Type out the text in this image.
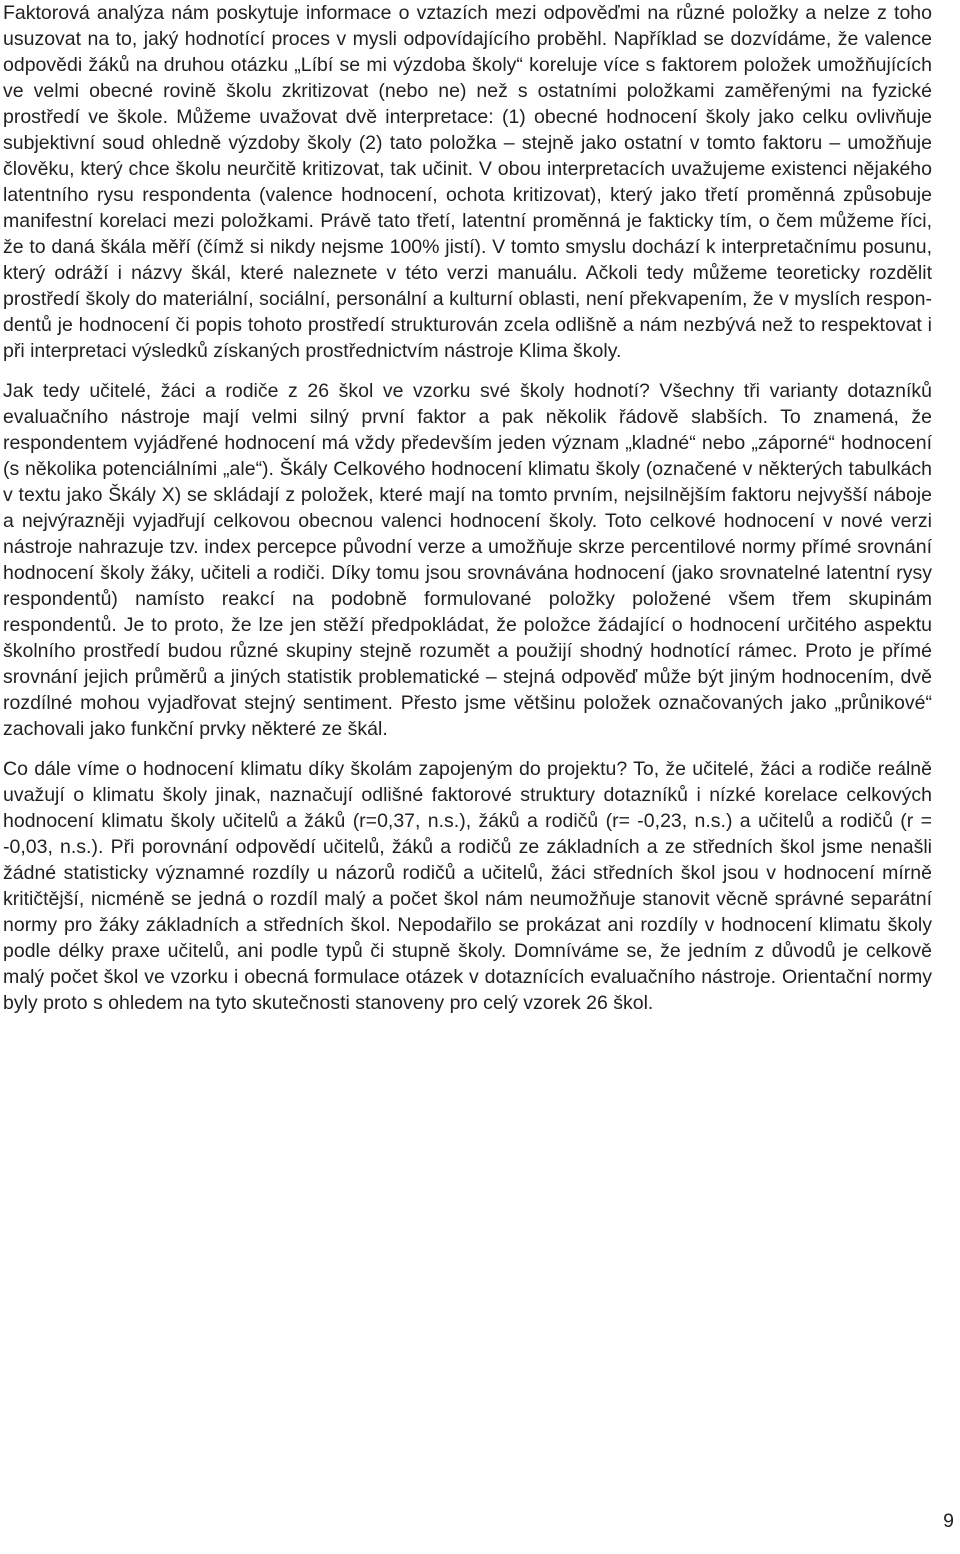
Faktorová analýza nám poskytuje informace o vztazích mezi odpověďmi na různé položky a nelze z toho usuzovat na to, jaký hodnotící proces v mysli odpovídajícího proběhl. Například se dozvídáme, že valence odpovědi žáků na druhou otázku „Líbí se mi výzdoba školy“ koreluje více s faktorem položek umožňujících ve velmi obecné rovině školu zkritizovat (nebo ne) než s ostatními položkami zaměřenými na fyzické prostředí ve škole. Můžeme uvažovat dvě interpretace: (1) obecné hodnocení školy jako celku ovlivňuje subjektivní soud ohledně výzdoby školy (2) tato položka – stejně jako ostatní v tomto faktoru – umožňuje člověku, který chce školu neurčitě kritizovat, tak učinit. V obou interpretacích uvažujeme existenci nějakého latentního rysu respondenta (valence hodnocení, ochota kritizovat), který jako třetí proměnná způsobuje manifestní korelaci mezi položkami. Právě tato třetí, latentní proměnná je fakticky tím, o čem můžeme říci, že to daná škála měří (čímž si nikdy nejsme 100% jistí). V tomto smyslu dochází k interpretačnímu posunu, který odráží i názvy škál, které naleznete v této verzi manuálu. Ačkoli tedy můžeme teoreticky rozdělit prostředí školy do materiální, sociální, personální a kulturní oblasti, není překvapením, že v myslích respondentů je hodnocení či popis tohoto prostředí strukturován zcela odlišně a nám nezbývá než to respektovat i při interpretaci výsledků získaných prostřednictvím nástroje Klima školy.

Jak tedy učitelé, žáci a rodiče z 26 škol ve vzorku své školy hodnotí? Všechny tři varianty dotazníků evaluačního nástroje mají velmi silný první faktor a pak několik řádově slabších. To znamená, že respondentem vyjádřené hodnocení má vždy především jeden význam „kladné“ nebo „záporné“ hodnocení (s několika potenciálními „ale“). Škály Celkového hodnocení klimatu školy (označené v některých tabulkách v textu jako Škály X) se skládají z položek, které mají na tomto prvním, nejsilnějším faktoru nejvyšší náboje a nejvýrazněji vyjadřují celkovou obecnou valenci hodnocení školy. Toto celkové hodnocení v nové verzi nástroje nahrazuje tzv. index percepce původní verze a umožňuje skrze percentilové normy přímé srovnání hodnocení školy žáky, učiteli a rodiči. Díky tomu jsou srovnávána hodnocení (jako srovnatelné latentní rysy respondentů) namísto reakcí na podobně formulované položky položené všem třem skupinám respondentů. Je to proto, že lze jen stěží předpokládat, že položce žádající o hodnocení určitého aspektu školního prostředí budou různé skupiny stejně rozumět a použijí shodný hodnotící rámec. Proto je přímé srovnání jejich průměrů a jiných statistik problematické – stejná odpověď může být jiným hodnocením, dvě rozdílné mohou vyjadřovat stejný sentiment. Přesto jsme většinu položek označovaných jako „průnikové“ zachovali jako funkční prvky některé ze škál.

Co dále víme o hodnocení klimatu díky školám zapojeným do projektu? To, že učitelé, žáci a rodiče reálně uvažují o klimatu školy jinak, naznačují odlišné faktorové struktury dotazníků i nízké korelace celkových hodnocení klimatu školy učitelů a žáků (r=0,37, n.s.), žáků a rodičů (r= -0,23, n.s.) a učitelů a rodičů (r = -0,03, n.s.). Při porovnání odpovědí učitelů, žáků a rodičů ze základních a ze středních škol jsme nenašli žádné statisticky významné rozdíly u názorů rodičů a učitelů, žáci středních škol jsou v hodnocení mírně kritičtější, nicméně se jedná o rozdíl malý a počet škol nám neumožňuje stanovit věcně správné separátní normy pro žáky základních a středních škol. Nepodařilo se prokázat ani rozdíly v hodnocení klimatu školy podle délky praxe učitelů, ani podle typů či stupně školy. Domníváme se, že jedním z důvodů je celkově malý počet škol ve vzorku i obecná formulace otázek v dotaznících evaluačního nástroje. Orientační normy byly proto s ohledem na tyto skutečnosti stanoveny pro celý vzorek 26 škol.

9
